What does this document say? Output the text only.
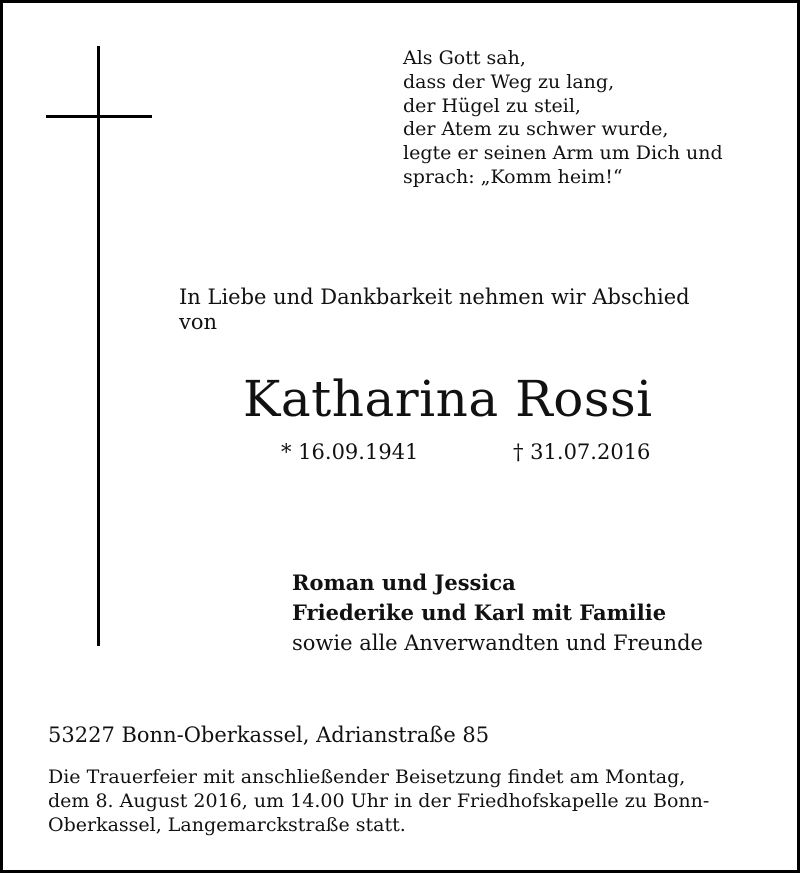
Als Gott sah,
dass der Weg zu lang,
der Hügel zu steil,
der Atem zu schwer wurde,
legte er seinen Arm um Dich und
sprach: „Komm heim!“
In Liebe und Dankbarkeit nehmen wir Abschied
von
Katharina Rossi
* 16.09.1941	† 31.07.2016
Roman und Jessica
Friederike und Karl mit Familie
sowie alle Anverwandten und Freunde
53227 Bonn-Oberkassel, Adrianstraße 85
Die Trauerfeier mit anschließender Beisetzung findet am Montag,
dem 8. August 2016, um 14.00 Uhr in der Friedhofskapelle zu Bonn-
Oberkassel, Langemarckstraße statt.
